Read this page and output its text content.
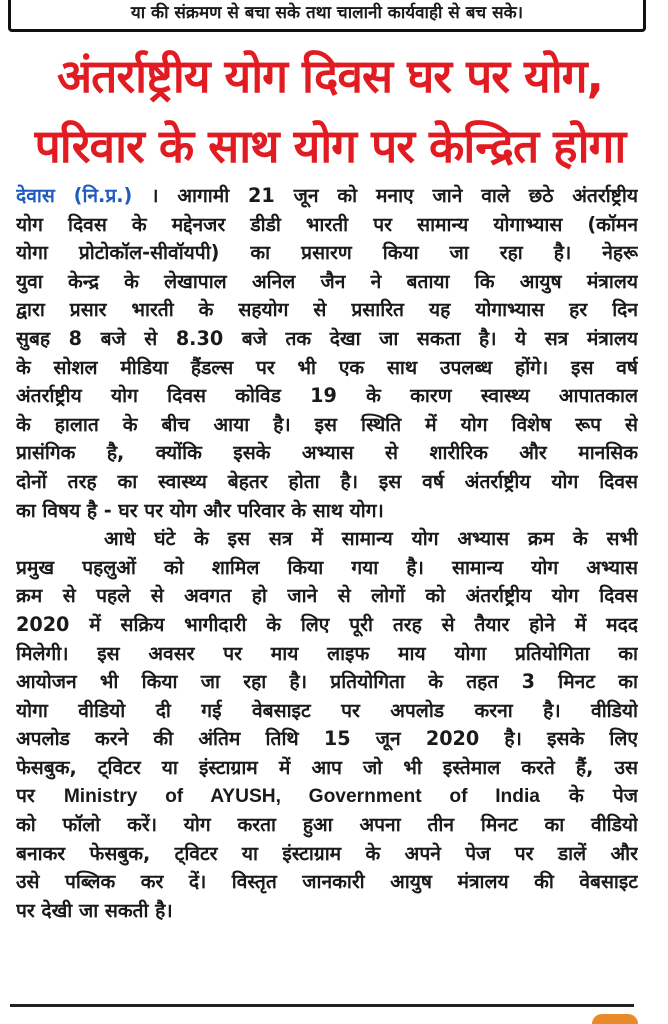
या की संक्रमण से बचा सके तथा चालानी कार्यवाही से बच सके।
अंतर्राष्ट्रीय योग दिवस घर पर योग,
परिवार के साथ योग पर केन्द्रित होगा
देवास (नि.प्र.) । आगामी 21 जून को मनाए जाने वाले छठे अंतर्राष्ट्रीय
योग दिवस के मद्देनजर डीडी भारती पर सामान्य योगाभ्यास (कॉमन
योगा प्रोटोकॉल-सीवॉयपी) का प्रसारण किया जा रहा है। नेहरू
युवा केन्द्र के लेखापाल अनिल जैन ने बताया कि आयुष मंत्रालय
द्वारा प्रसार भारती के सहयोग से प्रसारित यह योगाभ्यास हर दिन
सुबह 8 बजे से 8.30 बजे तक देखा जा सकता है। ये सत्र मंत्रालय
के सोशल मीडिया हैंडल्स पर भी एक साथ उपलब्ध होंगे। इस वर्ष
अंतर्राष्ट्रीय योग दिवस कोविड 19 के कारण स्वास्थ्य आपातकाल
के हालात के बीच आया है। इस स्थिति में योग विशेष रूप से
प्रासंगिक है, क्योंकि इसके अभ्यास से शारीरिक और मानसिक
दोनों तरह का स्वास्थ्य बेहतर होता है। इस वर्ष अंतर्राष्ट्रीय योग दिवस
का विषय है - घर पर योग और परिवार के साथ योग।
आधे घंटे के इस सत्र में सामान्य योग अभ्यास क्रम के सभी
प्रमुख पहलुओं को शामिल किया गया है। सामान्य योग अभ्यास
क्रम से पहले से अवगत हो जाने से लोगों को अंतर्राष्ट्रीय योग दिवस
2020 में सक्रिय भागीदारी के लिए पूरी तरह से तैयार होने में मदद
मिलेगी। इस अवसर पर माय लाइफ माय योगा प्रतियोगिता का
आयोजन भी किया जा रहा है। प्रतियोगिता के तहत 3 मिनट का
योगा वीडियो दी गई वेबसाइट पर अपलोड करना है। वीडियो
अपलोड करने की अंतिम तिथि 15 जून 2020 है। इसके लिए
फेसबुक, ट्विटर या इंस्टाग्राम में आप जो भी इस्तेमाल करते हैं, उस
पर Ministry of AYUSH, Government of India के पेज
को फॉलो करें। योग करता हुआ अपना तीन मिनट का वीडियो
बनाकर फेसबुक, ट्विटर या इंस्टाग्राम के अपने पेज पर डालें और
उसे पब्लिक कर दें। विस्तृत जानकारी आयुष मंत्रालय की वेबसाइट
पर देखी जा सकती है।
